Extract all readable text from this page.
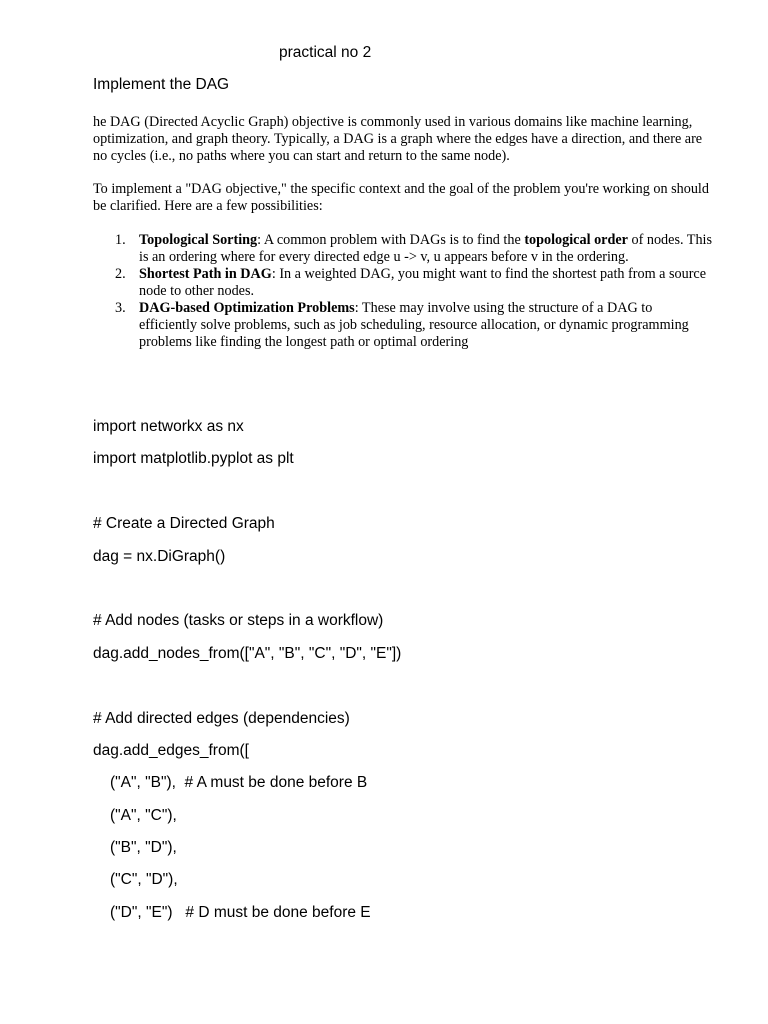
practical no 2
Implement the DAG

he DAG (Directed Acyclic Graph) objective is commonly used in various domains like machine learning, optimization, and graph theory. Typically, a DAG is a graph where the edges have a direction, and there are no cycles (i.e., no paths where you can start and return to the same node).

To implement a "DAG objective," the specific context and the goal of the problem you're working on should be clarified. Here are a few possibilities:

1. Topological Sorting: A common problem with DAGs is to find the topological order of nodes. This is an ordering where for every directed edge u -> v, u appears before v in the ordering.
2. Shortest Path in DAG: In a weighted DAG, you might want to find the shortest path from a source node to other nodes.
3. DAG-based Optimization Problems: These may involve using the structure of a DAG to efficiently solve problems, such as job scheduling, resource allocation, or dynamic programming problems like finding the longest path or optimal ordering
import networkx as nx
import matplotlib.pyplot as plt
# Create a Directed Graph
dag = nx.DiGraph()
# Add nodes (tasks or steps in a workflow)
dag.add_nodes_from(["A", "B", "C", "D", "E"])
# Add directed edges (dependencies)
dag.add_edges_from([
("A", "B"),  # A must be done before B
("A", "C"),
("B", "D"),
("C", "D"),
("D", "E")   # D must be done before E
